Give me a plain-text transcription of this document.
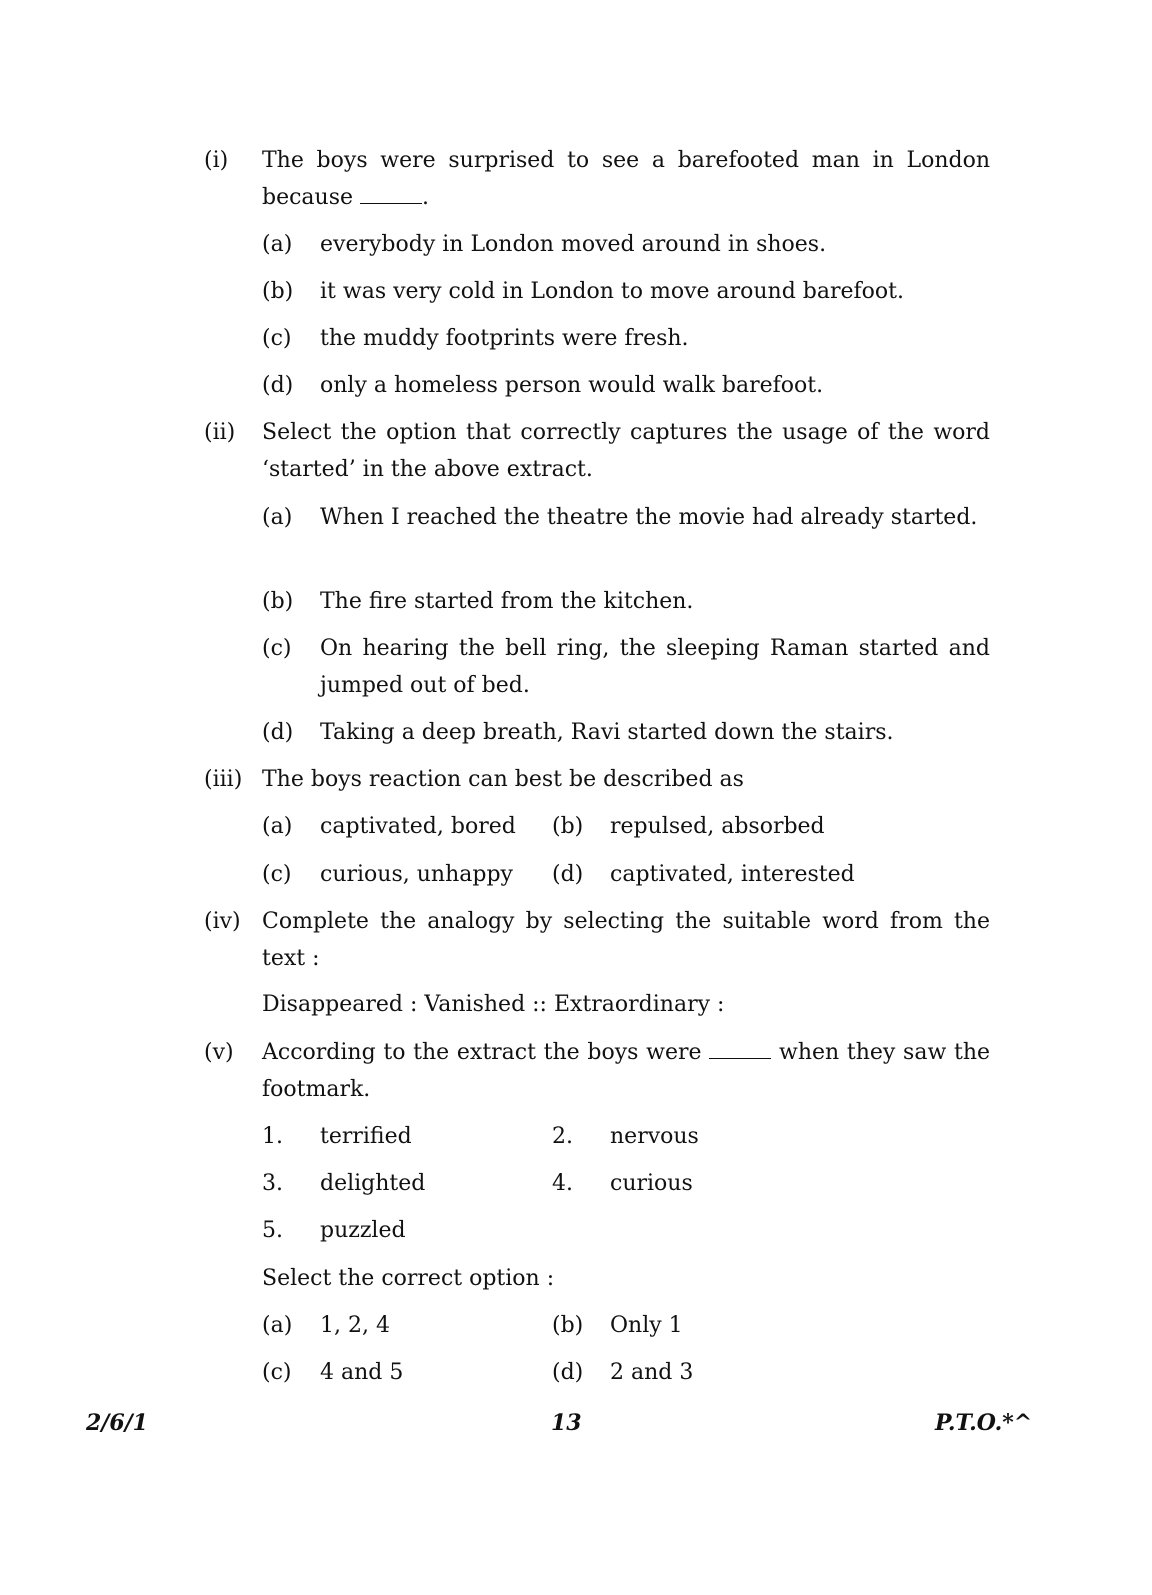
(i) The boys were surprised to see a barefooted man in London because	.
(a) everybody in London moved around in shoes.
(b) it was very cold in London to move around barefoot.
(c) the muddy footprints were fresh.
(d) only a homeless person would walk barefoot.
(ii) Select the option that correctly captures the usage of the word ‘started’ in the above extract.
(a) When I reached the theatre the movie had already started.
(b) The fire started from the kitchen.
(c) On hearing the bell ring, the sleeping Raman started and jumped out of bed.
(d) Taking a deep breath, Ravi started down the stairs.
(iii) The boys reaction can best be described as
(a) captivated, bored (b) repulsed, absorbed
(c) curious, unhappy (d) captivated, interested
(iv) Complete the analogy by selecting the suitable word from the text :
Disappeared : Vanished :: Extraordinary :
(v) According to the extract the boys were	when they saw the footmark.
1. terrified	2. nervous
3. delighted	4. curious
5. puzzled
Select the correct option :
(a) 1, 2, 4	(b) Only 1
(c) 4 and 5	(d) 2 and 3
2/6/1	13	P.T.O.*^
